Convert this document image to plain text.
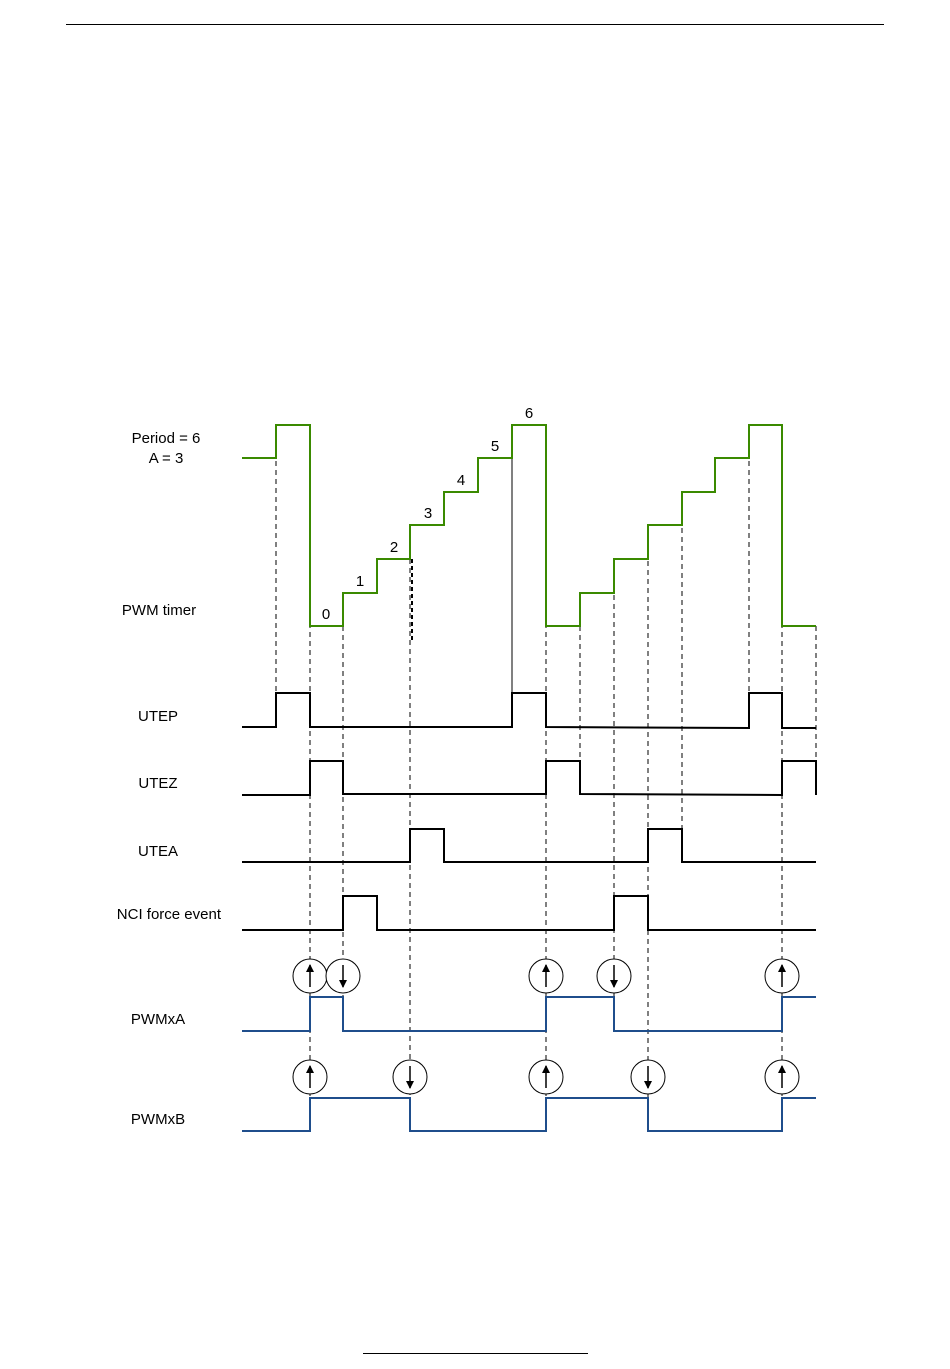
Period = 6
A = 3
PWM timer	0
1
2
3
4
5
6
UTEP
UTEZ
UTEA
NCI force event
PWMxA
PWMxB
